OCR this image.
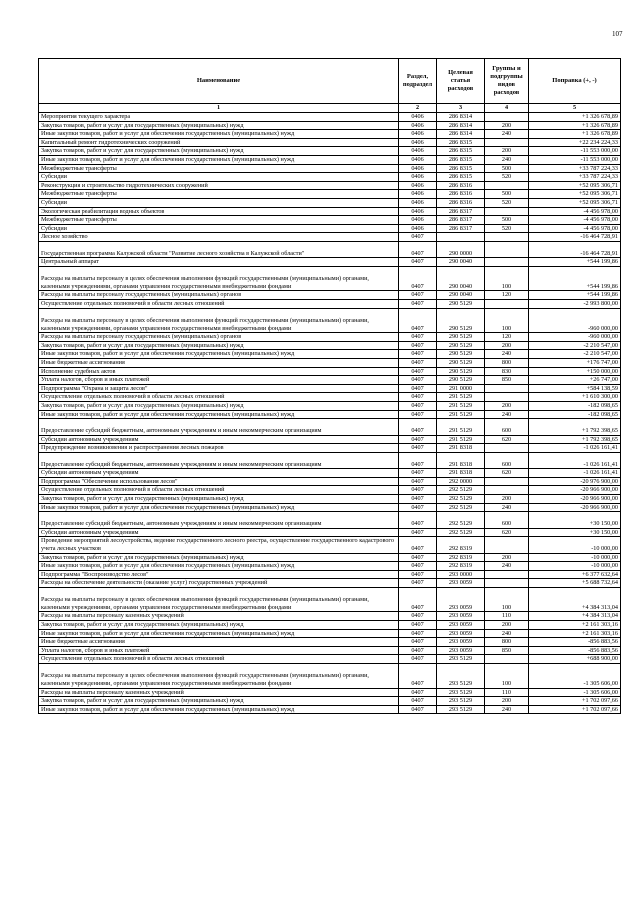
107
Наименование	Раздел, подраздел	Целевая статья расходов	Группы и подгруппы видов расходов	Поправка (+, -)
1	2	3	4	5
Мероприятия текущего характера	0406	286 8314		+1 326 678,89
Закупка товаров, работ и услуг для государственных (муниципальных) нужд	0406	286 8314	200	+1 326 678,89
Иные закупки товаров, работ и услуг для обеспечения государственных (муниципальных) нужд	0406	286 8314	240	+1 326 678,89
Капитальный ремонт гидротехнических сооружений	0406	286 8315		+22 234 224,33
Закупка товаров, работ и услуг для государственных (муниципальных) нужд	0406	286 8315	200	-11 553 000,00
Иные закупки товаров, работ и услуг для обеспечения государственных (муниципальных) нужд	0406	286 8315	240	-11 553 000,00
Межбюджетные трансферты	0406	286 8315	500	+33 787 224,33
Субсидии	0406	286 8315	520	+33 787 224,33
Реконструкция и строительство гидротехнических сооружений	0406	286 8316		+52 095 306,71
Межбюджетные трансферты	0406	286 8316	500	+52 095 306,71
Субсидии	0406	286 8316	520	+52 095 306,71
Экологическая реабилитация водных объектов	0406	286 8317		-4 456 978,00
Межбюджетные трансферты	0406	286 8317	500	-4 456 978,00
Субсидии	0406	286 8317	520	-4 456 978,00
Лесное хозяйство	0407			-16 464 728,91
Государственная программа Калужской области "Развитие лесного хозяйства в Калужской области"	0407	290 0000		-16 464 728,91
Центральный аппарат	0407	290 0040		+544 199,86
Расходы на выплаты персоналу в целях обеспечения выполнения функций государственными (муниципальными) органами, казенными учреждениями, органами управления государственными внебюджетными фондами	0407	290 0040	100	+544 199,86
Расходы на выплаты персоналу государственных (муниципальных) органов	0407	290 0040	120	+544 199,86
Осуществление отдельных полномочий в области лесных отношений	0407	290 5129		-2 993 800,00
Расходы на выплаты персоналу в целях обеспечения выполнения функций государственными (муниципальными) органами, казенными учреждениями, органами управления государственными внебюджетными фондами	0407	290 5129	100	-960 000,00
Расходы на выплаты персоналу государственных (муниципальных) органов	0407	290 5129	120	-960 000,00
Закупка товаров, работ и услуг для государственных (муниципальных) нужд	0407	290 5129	200	-2 210 547,00
Иные закупки товаров, работ и услуг для обеспечения государственных (муниципальных) нужд	0407	290 5129	240	-2 210 547,00
Иные бюджетные ассигнования	0407	290 5129	800	+176 747,00
Исполнение судебных актов	0407	290 5129	830	+150 000,00
Уплата налогов, сборов и иных платежей	0407	290 5129	850	+26 747,00
Подпрограмма "Охрана и защита лесов"	0407	291 0000		+584 138,59
Осуществление отдельных полномочий в области лесных отношений	0407	291 5129		+1 610 300,00
Закупка товаров, работ и услуг для государственных (муниципальных) нужд	0407	291 5129	200	-182 098,65
Иные закупки товаров, работ и услуг для обеспечения государственных (муниципальных) нужд	0407	291 5129	240	-182 098,65
Предоставление субсидий бюджетным, автономным учреждениям и иным некоммерческим организациям	0407	291 5129	600	+1 792 398,65
Субсидии автономным учреждениям	0407	291 5129	620	+1 792 398,65
Предупреждение возникновения и распространения лесных пожаров	0407	291 8318		-1 026 161,41
Предоставление субсидий бюджетным, автономным учреждениям и иным некоммерческим организациям	0407	291 8318	600	-1 026 161,41
Субсидии автономным учреждениям	0407	291 8318	620	-1 026 161,41
Подпрограмма "Обеспечение использования лесов"	0407	292 0000		-20 976 900,00
Осуществление отдельных полномочий в области лесных отношений	0407	292 5129		-20 966 900,00
Закупка товаров, работ и услуг для государственных (муниципальных) нужд	0407	292 5129	200	-20 966 900,00
Иные закупки товаров, работ и услуг для обеспечения государственных (муниципальных) нужд	0407	292 5129	240	-20 966 900,00
Предоставление субсидий бюджетным, автономным учреждениям и иным некоммерческим организациям	0407	292 5129	600	+30 150,00
Субсидии автономным учреждениям	0407	292 5129	620	+30 150,00
Проведение мероприятий лесоустройства, ведение государственного лесного реестра, осуществление государственного кадастрового учета лесных участков	0407	292 8319		-10 000,00
Закупка товаров, работ и услуг для государственных (муниципальных) нужд	0407	292 8319	200	-10 000,00
Иные закупки товаров, работ и услуг для обеспечения государственных (муниципальных) нужд	0407	292 8319	240	-10 000,00
Подпрограмма "Воспроизводство лесов"	0407	293 0000		+6 377 632,64
Расходы на обеспечение деятельности (оказание услуг) государственных учреждений	0407	293 0059		+5 688 732,64
Расходы на выплаты персоналу в целях обеспечения выполнения функций государственными (муниципальными) органами, казенными учреждениями, органами управления государственными внебюджетными фондами	0407	293 0059	100	+4 384 313,04
Расходы на выплаты персоналу казенных учреждений	0407	293 0059	110	+4 384 313,04
Закупка товаров, работ и услуг для государственных (муниципальных) нужд	0407	293 0059	200	+2 161 303,16
Иные закупки товаров, работ и услуг для обеспечения государственных (муниципальных) нужд	0407	293 0059	240	+2 161 303,16
Иные бюджетные ассигнования	0407	293 0059	800	-856 883,56
Уплата налогов, сборов и иных платежей	0407	293 0059	850	-856 883,56
Осуществление отдельных полномочий в области лесных отношений	0407	293 5129		+688 900,00
Расходы на выплаты персоналу в целях обеспечения выполнения функций государственными (муниципальными) органами, казенными учреждениями, органами управления государственными внебюджетными фондами	0407	293 5129	100	-1 305 606,00
Расходы на выплаты персоналу казенных учреждений	0407	293 5129	110	-1 305 606,00
Закупка товаров, работ и услуг для государственных (муниципальных) нужд	0407	293 5129	200	+1 702 097,66
Иные закупки товаров, работ и услуг для обеспечения государственных (муниципальных) нужд	0407	293 5129	240	+1 702 097,66
